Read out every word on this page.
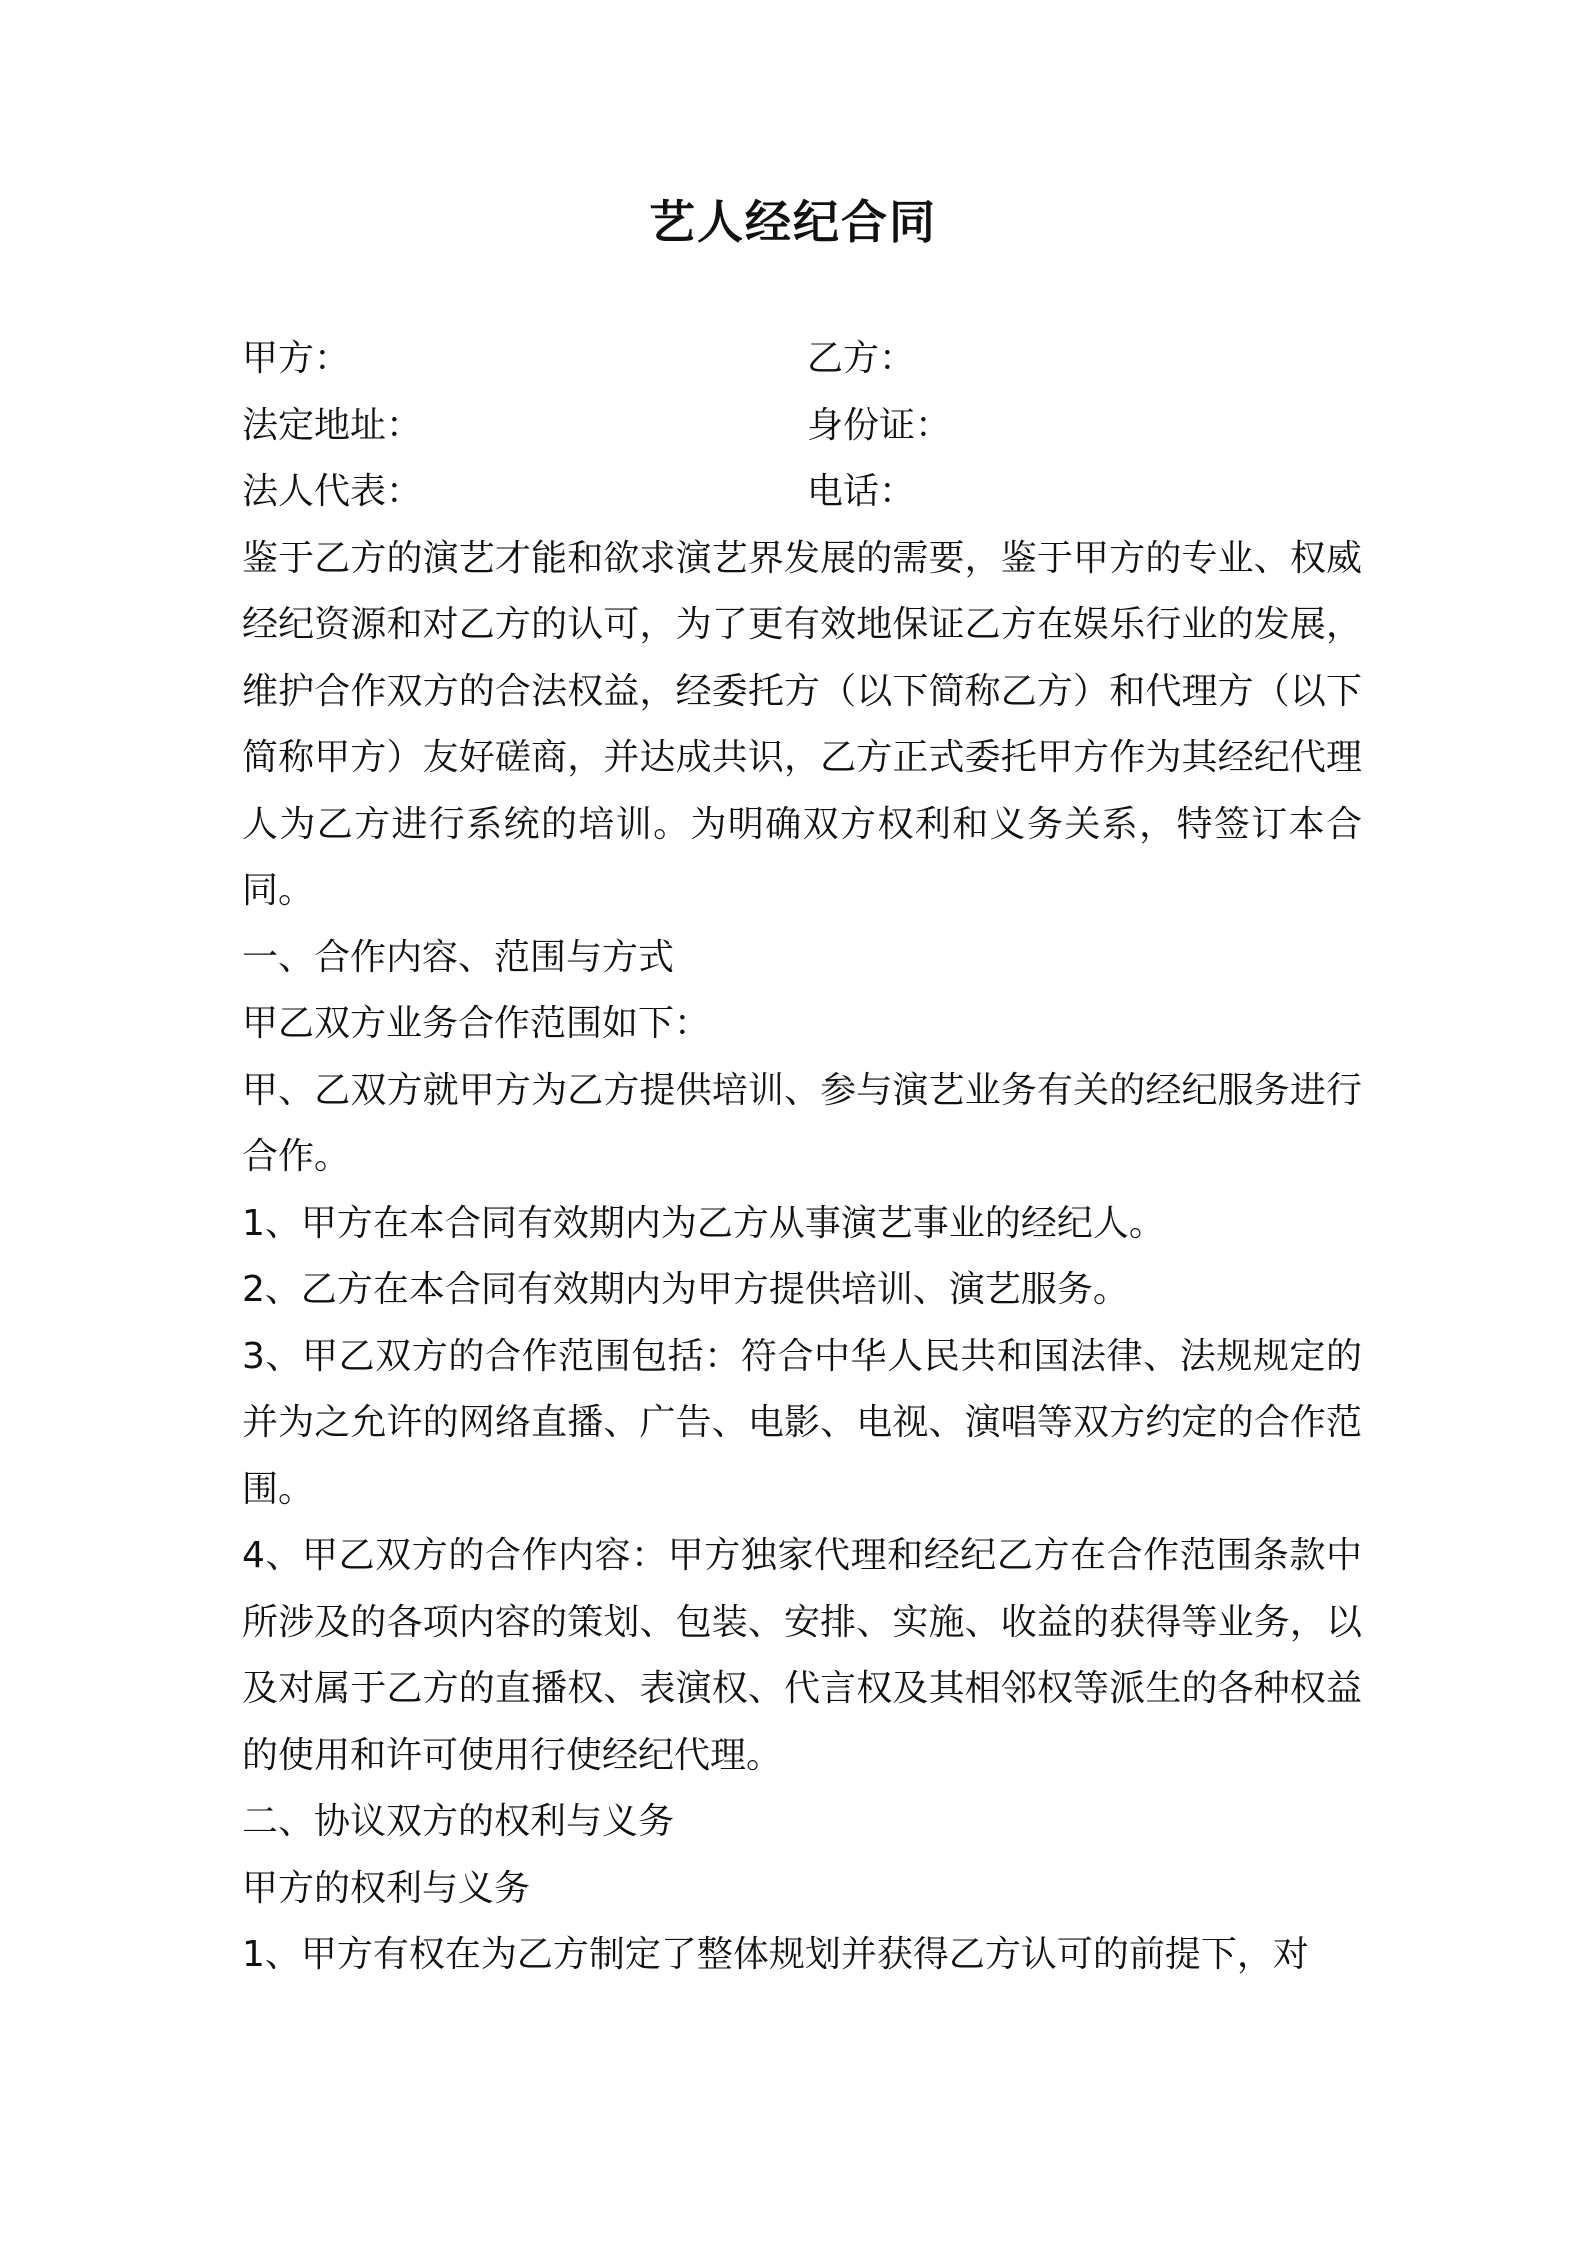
艺人经纪合同
甲方：	乙方：
法定地址：	身份证：
法人代表：	电话：

鉴于乙方的演艺才能和欲求演艺界发展的需要，鉴于甲方的专业、权威经纪资源和对乙方的认可，为了更有效地保证乙方在娱乐行业的发展，维护合作双方的合法权益，经委托方（以下简称乙方）和代理方（以下简称甲方）友好磋商，并达成共识，乙方正式委托甲方作为其经纪代理人为乙方进行系统的培训。为明确双方权利和义务关系，特签订本合同。

一、合作内容、范围与方式

甲乙双方业务合作范围如下：

甲、乙双方就甲方为乙方提供培训、参与演艺业务有关的经纪服务进行合作。

1、甲方在本合同有效期内为乙方从事演艺事业的经纪人。

2、乙方在本合同有效期内为甲方提供培训、演艺服务。

3、甲乙双方的合作范围包括：符合中华人民共和国法律、法规规定的并为之允许的网络直播、广告、电影、电视、演唱等双方约定的合作范围。

4、甲乙双方的合作内容：甲方独家代理和经纪乙方在合作范围条款中所涉及的各项内容的策划、包装、安排、实施、收益的获得等业务，以及对属于乙方的直播权、表演权、代言权及其相邻权等派生的各种权益的使用和许可使用行使经纪代理。

二、协议双方的权利与义务

甲方的权利与义务

1、甲方有权在为乙方制定了整体规划并获得乙方认可的前提下，对
